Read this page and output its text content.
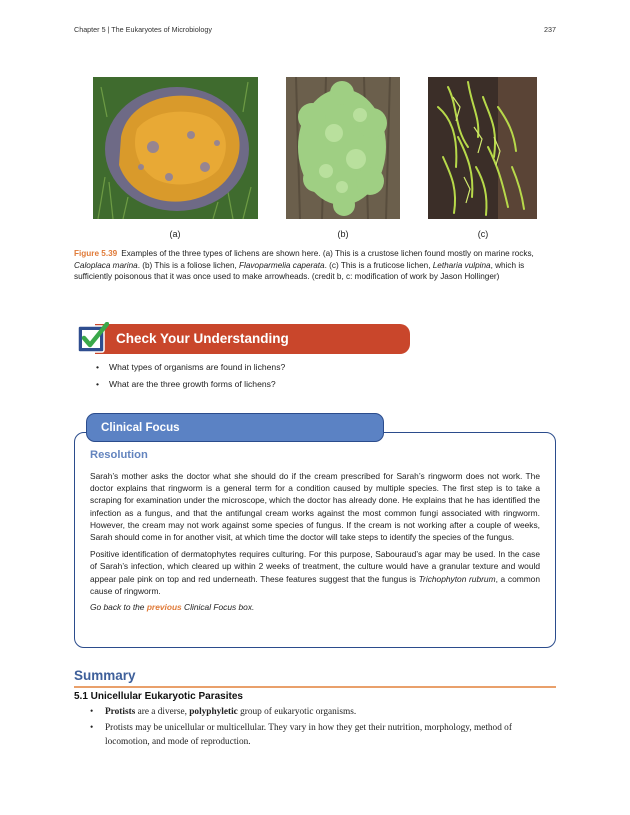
Chapter 5 | The Eukaryotes of Microbiology	237
(a)	(b)	(c)

Figure 5.39 Examples of the three types of lichens are shown here. (a) This is a crustose lichen found mostly on marine rocks, Caloplaca marina. (b) This is a foliose lichen, Flavoparmelia caperata. (c) This is a fruticose lichen, Letharia vulpina, which is sufficiently poisonous that it was once used to make arrowheads. (credit b, c: modification of work by Jason Hollinger)

Check Your Understanding
• What types of organisms are found in lichens?
• What are the three growth forms of lichens?
Clinical Focus
Resolution

Sarah’s mother asks the doctor what she should do if the cream prescribed for Sarah’s ringworm does not work. The doctor explains that ringworm is a general term for a condition caused by multiple species. The first step is to take a scraping for examination under the microscope, which the doctor has already done. He explains that he has identified the infection as a fungus, and that the antifungal cream works against the most common fungi associated with ringworm. However, the cream may not work against some species of fungus. If the cream is not working after a couple of weeks, Sarah should come in for another visit, at which time the doctor will take steps to identify the species of the fungus.

Positive identification of dermatophytes requires culturing. For this purpose, Sabouraud’s agar may be used. In the case of Sarah’s infection, which cleared up within 2 weeks of treatment, the culture would have a granular texture and would appear pale pink on top and red underneath. These features suggest that the fungus is Trichophyton rubrum, a common cause of ringworm.

Go back to the previous Clinical Focus box.

Summary
5.1 Unicellular Eukaryotic Parasites
• Protists are a diverse, polyphyletic group of eukaryotic organisms.
• Protists may be unicellular or multicellular. They vary in how they get their nutrition, morphology, method of locomotion, and mode of reproduction.
